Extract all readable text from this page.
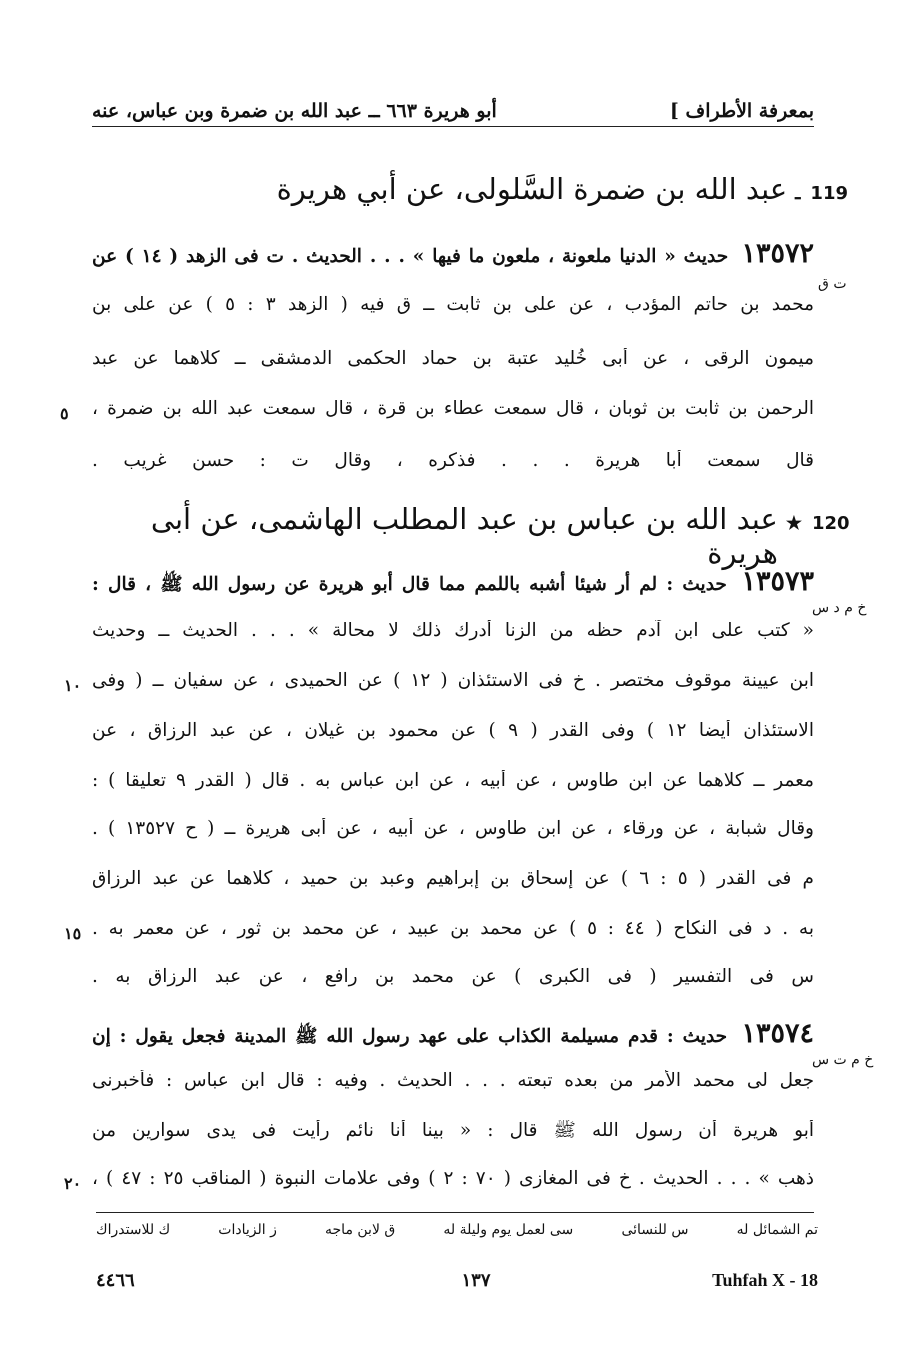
بمعرفة الأطراف ]
أبو هريرة ٦٦٣ ــ عبد الله بن ضمرة وبن عباس، عنه
119
ـ
عبد الله بن ضمرة السَّلولى، عن أبي هريرة
١٣٥٧٢ حديث « الدنيا ملعونة ، ملعون ما فيها » . . . الحديث . ت فى الزهد ( ١٤ ) عن
محمد بن حاتم المؤدب ، عن على بن ثابت ــ ق فيه ( الزهد ٣ : ٥ ) عن على بن
ميمون الرقى ، عن أبى خُليد عتبة بن حماد الحكمى الدمشقى ــ كلاهما عن عبد
الرحمن بن ثابت بن ثوبان ، قال سمعت عطاء بن قرة ، قال سمعت عبد الله بن ضمرة ،
قال سمعت أبا هريرة . . . فذكره ، وقال ت : حسن غريب .
ت ق
٥
120
★
عبد الله بن عباس بن عبد المطلب الهاشمى، عن أبى هريرة
١٣٥٧٣ حديث : لم أر شيئا أشبه باللمم مما قال أبو هريرة عن رسول الله ﷺ ، قال :
« كتب على ابن آدم حظه من الزنا أدرك ذلك لا محالة » . . . الحديث ــ وحديث
ابن عيينة موقوف مختصر . خ فى الاستئذان ( ١٢ ) عن الحميدى ، عن سفيان ــ ( وفى
الاستئذان أيضا ١٢ ) وفى القدر ( ٩ ) عن محمود بن غيلان ، عن عبد الرزاق ، عن
معمر ــ كلاهما عن ابن طاوس ، عن أبيه ، عن ابن عباس به . قال ( القدر ٩ تعليقا ) :
وقال شبابة ، عن ورقاء ، عن ابن طاوس ، عن أبيه ، عن أبى هريرة ــ ( ح ١٣٥٢٧ ) .
م فى القدر ( ٥ : ٦ ) عن إسحاق بن إبراهيم وعبد بن حميد ، كلاهما عن عبد الرزاق
به . د فى النكاح ( ٤٤ : ٥ ) عن محمد بن عبيد ، عن محمد بن ثور ، عن معمر به .
س فى التفسير ( فى الكبرى ) عن محمد بن رافع ، عن عبد الرزاق به .
خ م د س
١٠
١٥
١٣٥٧٤ حديث : قدم مسيلمة الكذاب على عهد رسول الله ﷺ المدينة فجعل يقول : إن
جعل لى محمد الأمر من بعده تبعته . . . الحديث . وفيه : قال ابن عباس : فأخبرنى
أبو هريرة أن رسول الله ﷺ قال : « بينا أنا نائم رأيت فى يدى سوارين من
ذهب » . . . الحديث . خ فى المغازى ( ٧٠ : ٢ ) وفى علامات النبوة ( المناقب ٢٥ : ٤٧ ) ،
خ م ت س
٢٠
تم الشمائل له
س للنسائى
سى لعمل يوم وليلة له
ق لابن ماجه
ز الزيادات
ك للاستدراك
٤٤٦٦	١٣٧	Tuhfah X - 18
